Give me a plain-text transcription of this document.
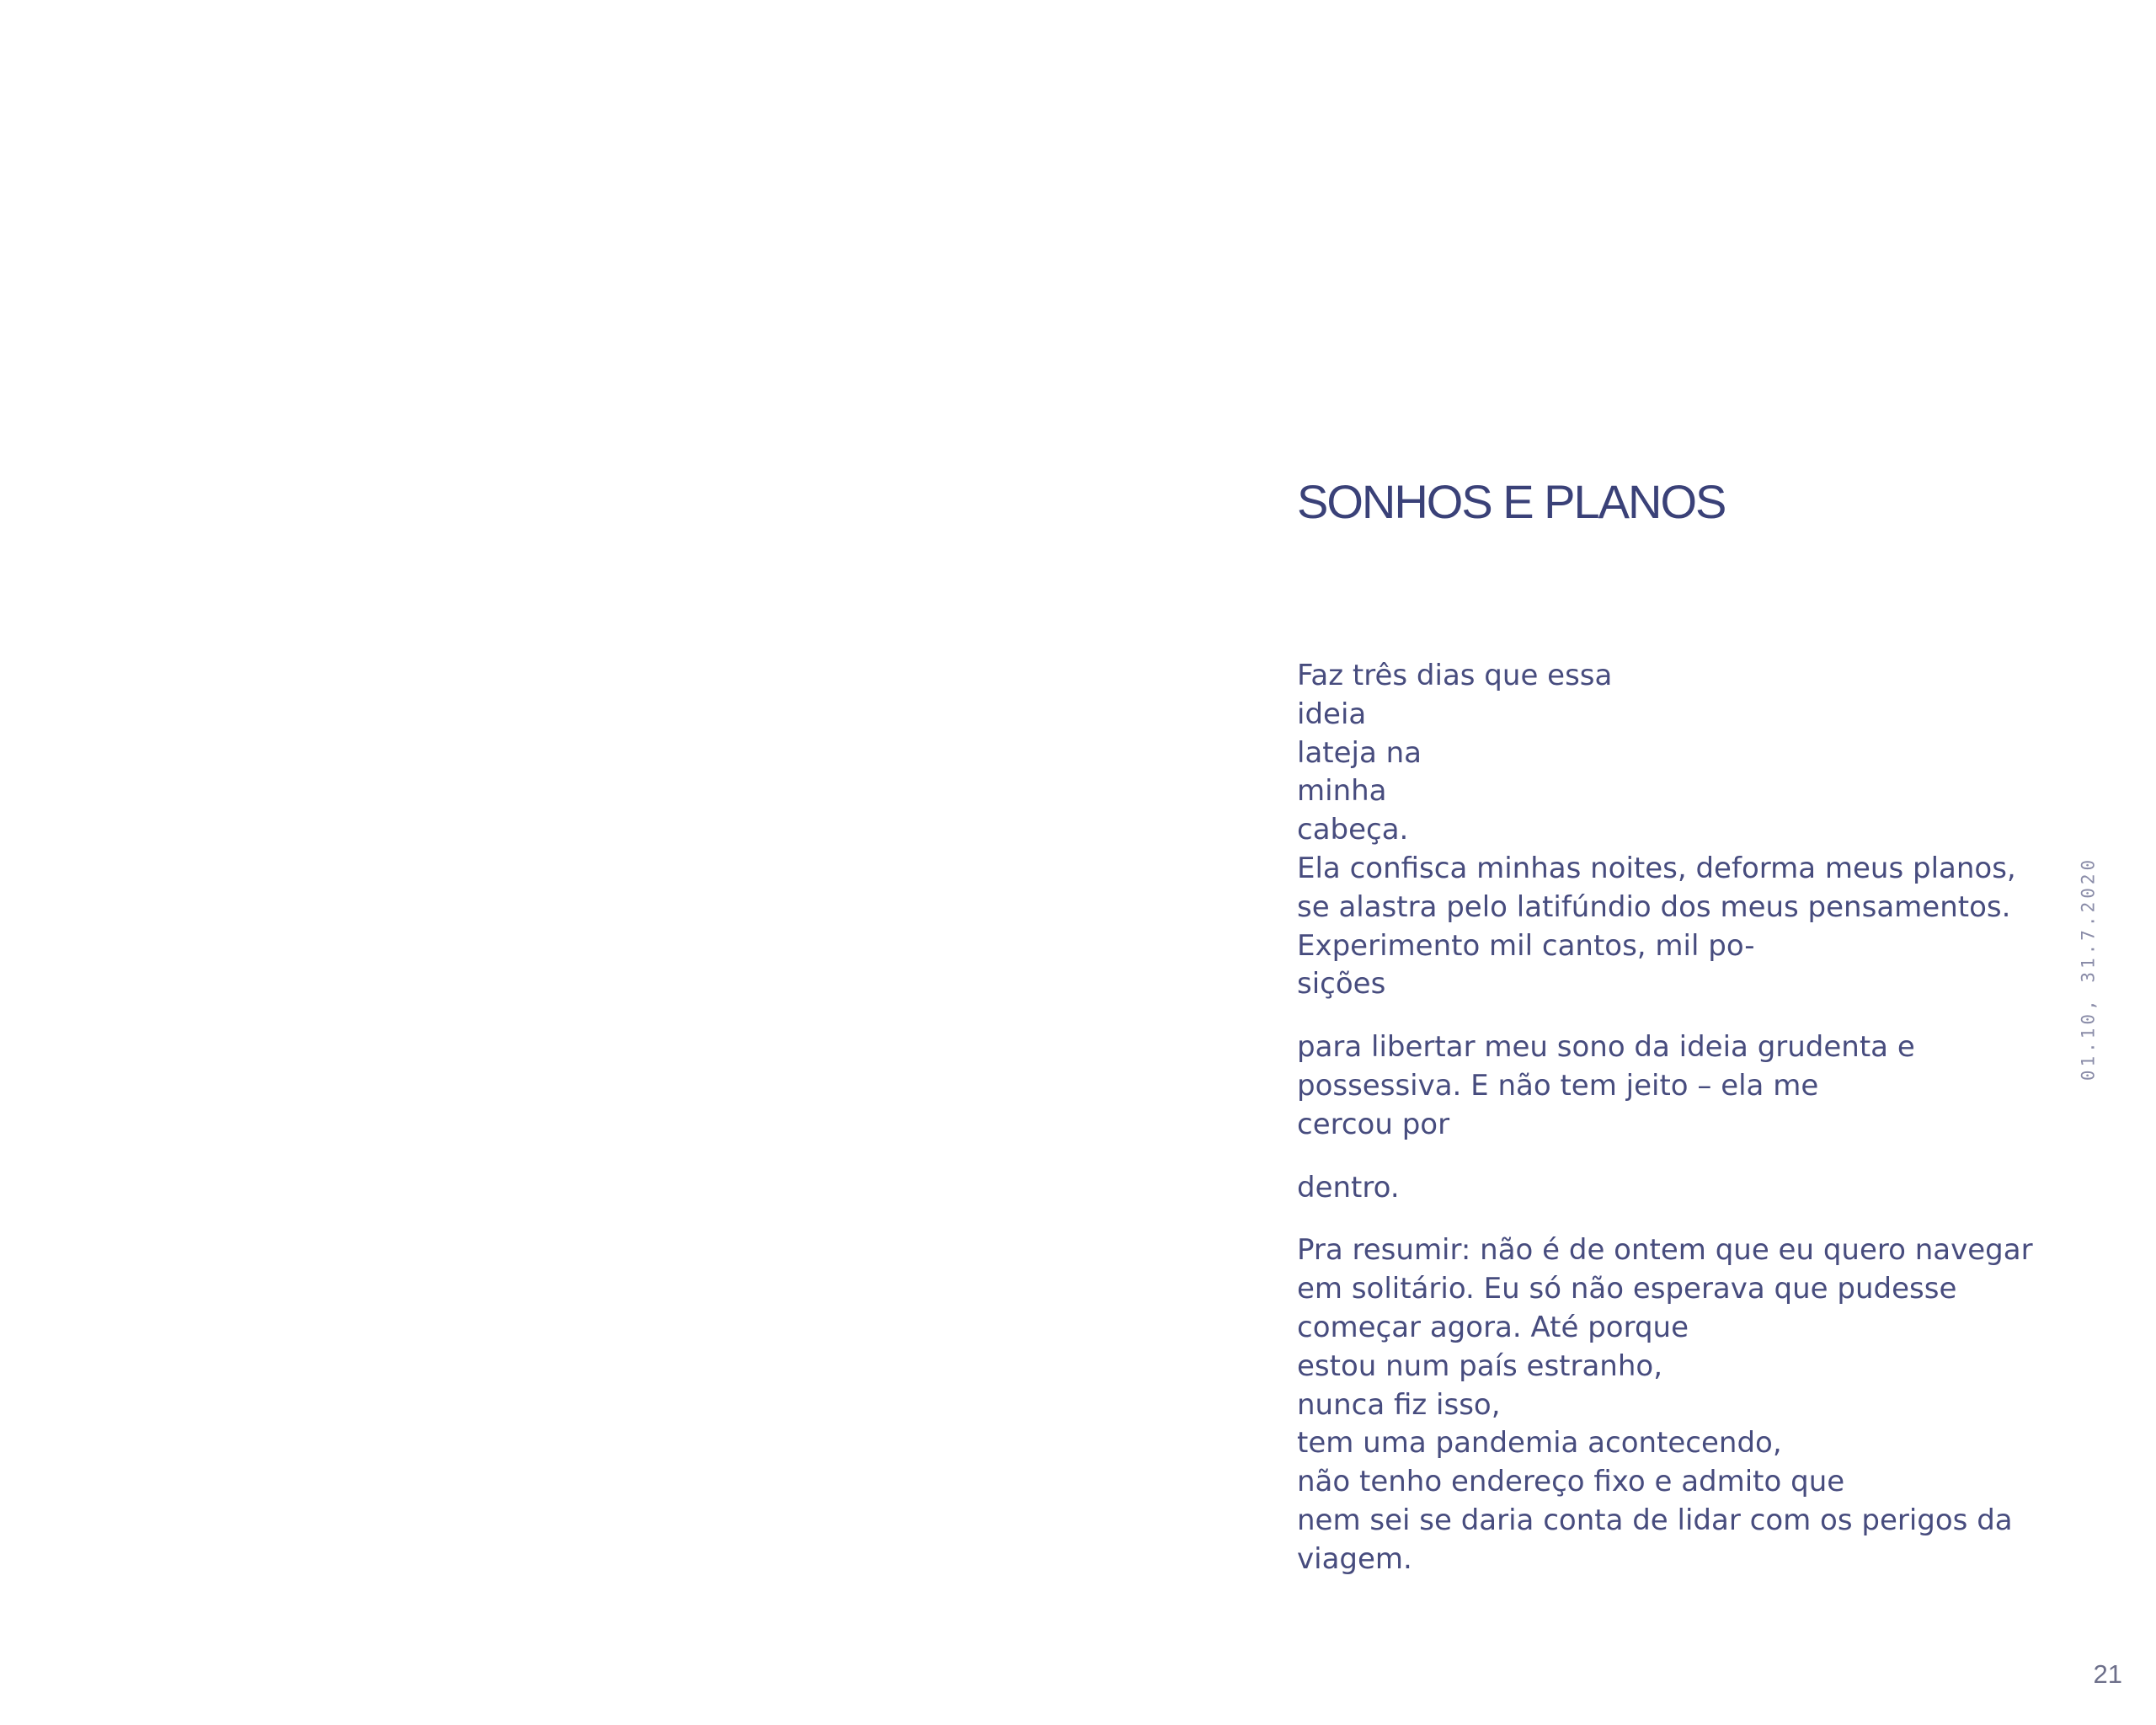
SONHOS E PLANOS
Faz três dias que essa
ideia
lateja na
minha
cabeça.
Ela confisca minhas noites, deforma meus planos,
se alastra pelo latifúndio dos meus pensamentos.
Experimento mil cantos, mil po-
sições
para libertar meu sono da ideia grudenta e
possessiva. E não tem jeito – ela me
cercou por
dentro.
Pra resumir: não é de ontem que eu quero navegar
em solitário. Eu só não esperava que pudesse
começar agora. Até porque
estou num país estranho,
nunca fiz isso,
tem uma pandemia acontecendo,
não tenho endereço fixo e admito que
nem sei se daria conta de lidar com os perigos da
viagem.

01.10, 31.7.2020

21
